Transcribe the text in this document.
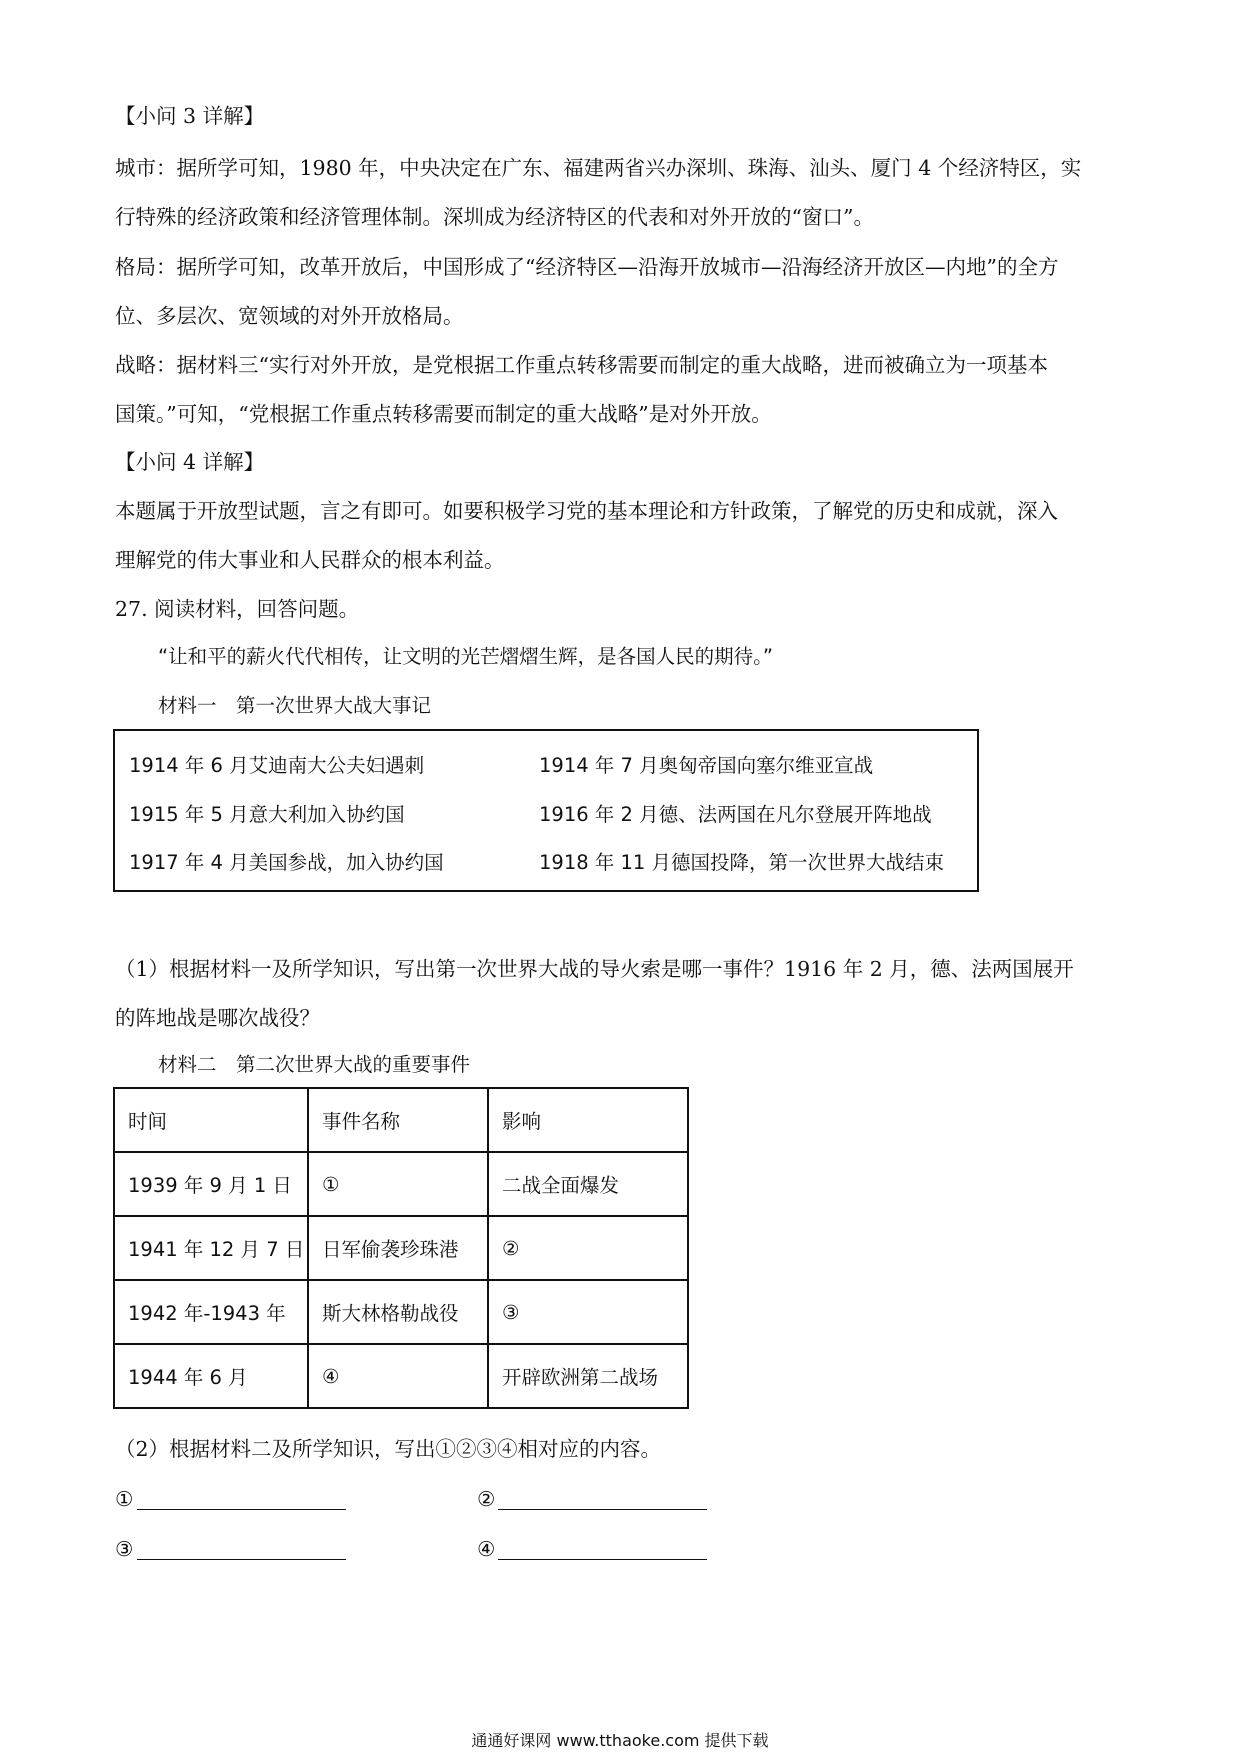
【小问 3 详解】
城市：据所学可知，1980 年，中央决定在广东、福建两省兴办深圳、珠海、汕头、厦门 4 个经济特区，实
行特殊的经济政策和经济管理体制。深圳成为经济特区的代表和对外开放的“窗口”。
格局：据所学可知，改革开放后，中国形成了“经济特区—沿海开放城市—沿海经济开放区—内地”的全方
位、多层次、宽领域的对外开放格局。
战略：据材料三“实行对外开放，是党根据工作重点转移需要而制定的重大战略，进而被确立为一项基本
国策。”可知，“党根据工作重点转移需要而制定的重大战略”是对外开放。
【小问 4 详解】
本题属于开放型试题，言之有即可。如要积极学习党的基本理论和方针政策，了解党的历史和成就，深入
理解党的伟大事业和人民群众的根本利益。
27. 阅读材料，回答问题。
“让和平的薪火代代相传，让文明的光芒熠熠生辉，是各国人民的期待。”
材料一　第一次世界大战大事记
1914 年 6 月艾迪南大公夫妇遇刺	1914 年 7 月奥匈帝国向塞尔维亚宣战
1915 年 5 月意大利加入协约国	1916 年 2 月德、法两国在凡尔登展开阵地战
1917 年 4 月美国参战，加入协约国	1918 年 11 月德国投降，第一次世界大战结束
（1）根据材料一及所学知识，写出第一次世界大战的导火索是哪一事件？1916 年 2 月，德、法两国展开
的阵地战是哪次战役？
材料二　第二次世界大战的重要事件
时间	事件名称	影响
1939 年 9 月 1 日	①	二战全面爆发
1941 年 12 月 7 日	日军偷袭珍珠港	②
1942 年-1943 年	斯大林格勒战役	③
1944 年 6 月	④	开辟欧洲第二战场
（2）根据材料二及所学知识，写出①②③④相对应的内容。
①	②
③	④
通通好课网 www.tthaoke.com 提供下载
